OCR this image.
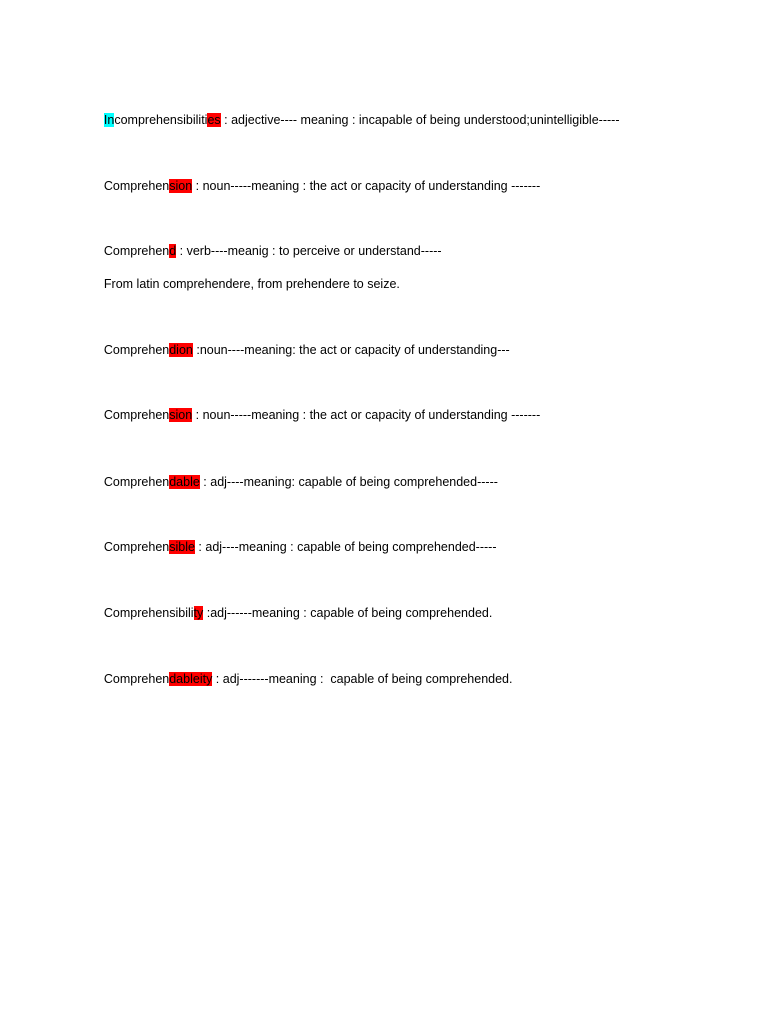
Incomprehensibilities : adjective---- meaning : incapable of being understood;unintelligible-----

Comprehension : noun-----meaning : the act or capacity of understanding -------

Comprehend : verb----meanig : to perceive or understand-----

From latin comprehendere, from prehendere to seize.

Comprehendion :noun----meaning: the act or capacity of understanding---

Comprehension : noun-----meaning : the act or capacity of understanding -------

Comprehendable : adj----meaning: capable of being comprehended-----

Comprehensible : adj----meaning : capable of being comprehended-----

Comprehensibility :adj------meaning : capable of being comprehended.

Comprehendableity : adj-------meaning :  capable of being comprehended.
